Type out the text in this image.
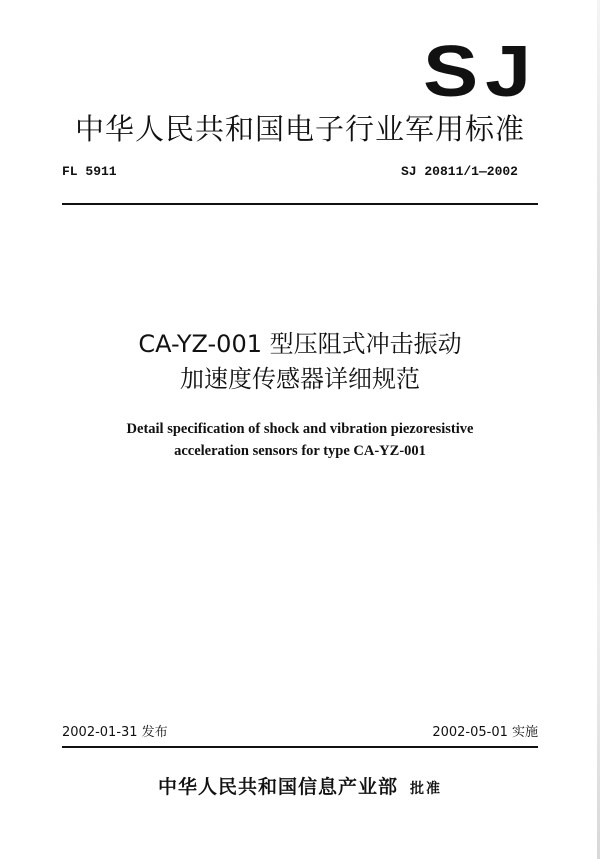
SJ
中华人民共和国电子行业军用标准
FL 5911	SJ 20811/1—2002
CA-YZ-001 型压阻式冲击振动
加速度传感器详细规范
Detail specification of shock and vibration piezoresistive
acceleration sensors for type CA-YZ-001
2002-01-31 发布	2002-05-01 实施
中华人民共和国信息产业部 批准
